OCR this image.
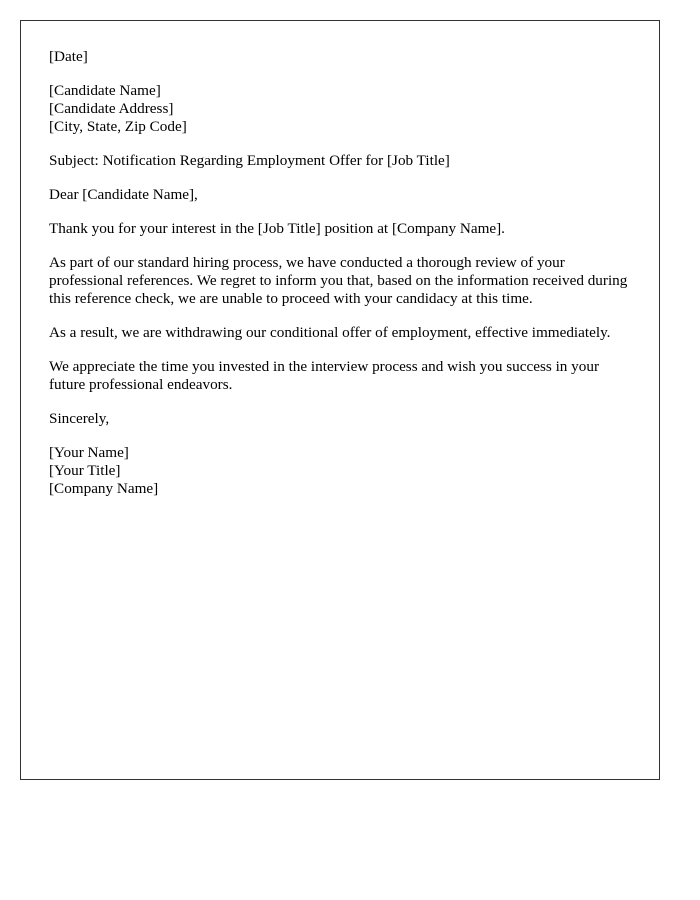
[Date]
[Candidate Name]
[Candidate Address]
[City, State, Zip Code]

Subject: Notification Regarding Employment Offer for [Job Title]

Dear [Candidate Name],

Thank you for your interest in the [Job Title] position at [Company Name].

As part of our standard hiring process, we have conducted a thorough review of your professional references. We regret to inform you that, based on the information received during this reference check, we are unable to proceed with your candidacy at this time.

As a result, we are withdrawing our conditional offer of employment, effective immediately.

We appreciate the time you invested in the interview process and wish you success in your future professional endeavors.

Sincerely,

[Your Name]
[Your Title]
[Company Name]
